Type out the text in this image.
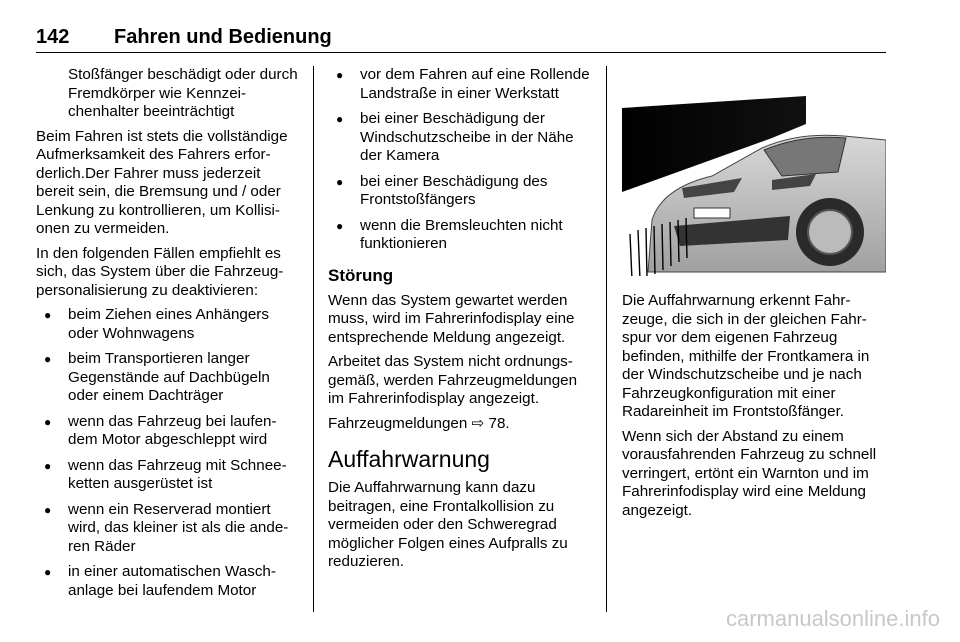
142 Fahren und Bedienung
Stoßfänger beschädigt oder durch Fremdkörper wie Kennzeichenhalter beeinträchtigt

Beim Fahren ist stets die vollständige Aufmerksamkeit des Fahrers erforderlich.Der Fahrer muss jederzeit bereit sein, die Bremsung und / oder Lenkung zu kontrollieren, um Kollisionen zu vermeiden.

In den folgenden Fällen empfiehlt es sich, das System über die Fahrzeugpersonalisierung zu deaktivieren:

● beim Ziehen eines Anhängers oder Wohnwagens
● beim Transportieren langer Gegenstände auf Dachbügeln oder einem Dachträger
● wenn das Fahrzeug bei laufendem Motor abgeschleppt wird
● wenn das Fahrzeug mit Schneeketten ausgerüstet ist
● wenn ein Reserverad montiert wird, das kleiner ist als die anderen Räder
● in einer automatischen Waschanlage bei laufendem Motor
● vor dem Fahren auf eine Rollende Landstraße in einer Werkstatt
● bei einer Beschädigung der Windschutzscheibe in der Nähe der Kamera
● bei einer Beschädigung des Frontstoßfängers
● wenn die Bremsleuchten nicht funktionieren
Störung

Wenn das System gewartet werden muss, wird im Fahrerinfodisplay eine entsprechende Meldung angezeigt.

Arbeitet das System nicht ordnungsgemäß, werden Fahrzeugmeldungen im Fahrerinfodisplay angezeigt.

Fahrzeugmeldungen ⇨ 78.

Auffahrwarnung

Die Auffahrwarnung kann dazu beitragen, eine Frontalkollision zu vermeiden oder den Schweregrad möglicher Folgen eines Aufpralls zu reduzieren.

Die Auffahrwarnung erkennt Fahrzeuge, die sich in der gleichen Fahrspur vor dem eigenen Fahrzeug befinden, mithilfe der Frontkamera in der Windschutzscheibe und je nach Fahrzeugkonfiguration mit einer Radareinheit im Frontstoßfänger.

Wenn sich der Abstand zu einem vorausfahrenden Fahrzeug zu schnell verringert, ertönt ein Warnton und im Fahrerinfodisplay wird eine Meldung angezeigt.

carmanualsonline.info
